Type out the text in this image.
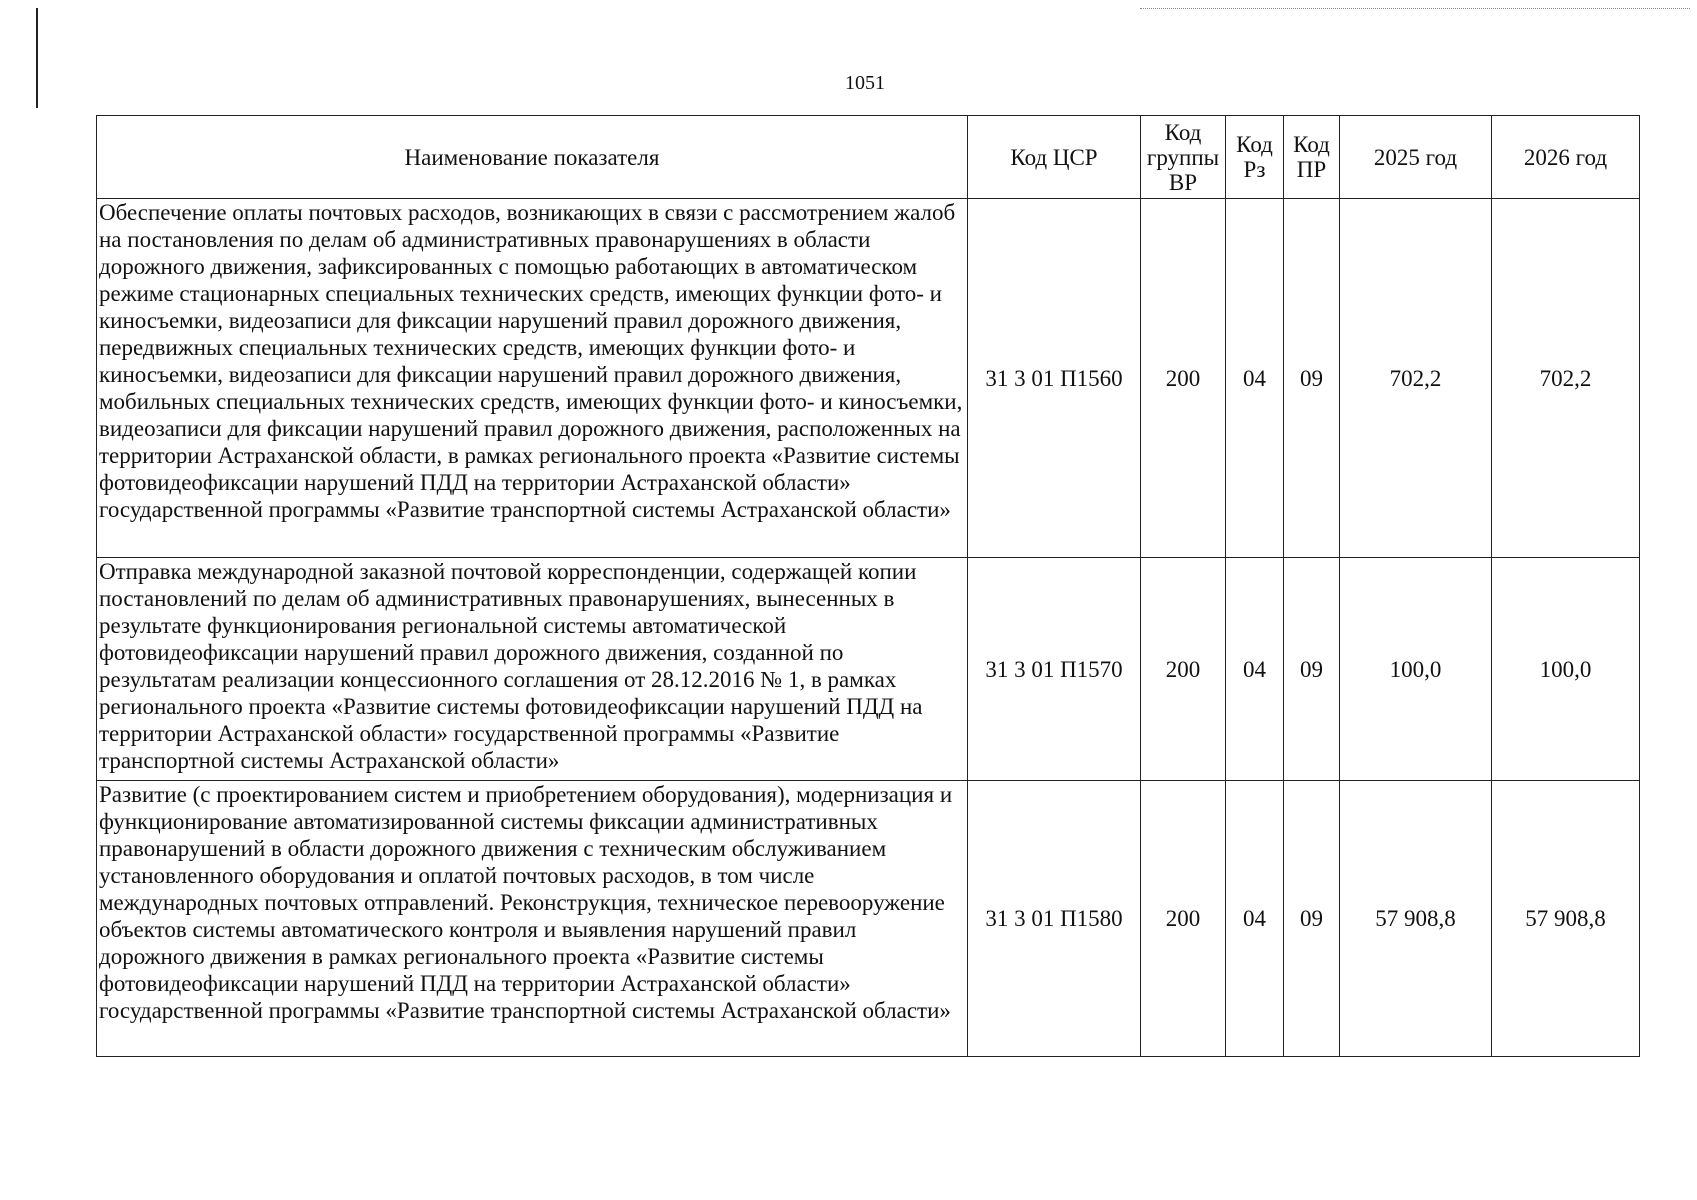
1051
Наименование показателя	Код ЦСР	Код группы ВР	Код Рз	Код ПР	2025 год	2026 год
Обеспечение оплаты почтовых расходов, возникающих в связи с рассмотрением жалоб на постановления по делам об административных правонарушениях в области дорожного движения, зафиксированных с помощью работающих в автоматическом режиме стационарных специальных технических средств, имеющих функции фото- и киносъемки, видеозаписи для фиксации нарушений правил дорожного движения, передвижных специальных технических средств, имеющих функции фото- и киносъемки, видеозаписи для фиксации нарушений правил дорожного движения, мобильных специальных технических средств, имеющих функции фото- и киносъемки, видеозаписи для фиксации нарушений правил дорожного движения, расположенных на территории Астраханской области, в рамках регионального проекта «Развитие системы фотовидеофиксации нарушений ПДД на территории Астраханской области» государственной программы «Развитие транспортной системы Астраханской области»	31 3 01 П1560	200	04	09	702,2	702,2
Отправка международной заказной почтовой корреспонденции, содержащей копии постановлений по делам об административных правонарушениях, вынесенных в результате функционирования региональной системы автоматической фотовидеофиксации нарушений правил дорожного движения, созданной по результатам реализации концессионного соглашения от 28.12.2016 № 1, в рамках регионального проекта «Развитие системы фотовидеофиксации нарушений ПДД на территории Астраханской области» государственной программы «Развитие транспортной системы Астраханской области»	31 3 01 П1570	200	04	09	100,0	100,0
Развитие (с проектированием систем и приобретением оборудования), модернизация и функционирование автоматизированной системы фиксации административных правонарушений в области дорожного движения с техническим обслуживанием установленного оборудования и оплатой почтовых расходов, в том числе международных почтовых отправлений. Реконструкция, техническое перевооружение объектов системы автоматического контроля и выявления нарушений правил дорожного движения в рамках регионального проекта «Развитие системы фотовидеофиксации нарушений ПДД на территории Астраханской области» государственной программы «Развитие транспортной системы Астраханской области»	31 3 01 П1580	200	04	09	57 908,8	57 908,8
